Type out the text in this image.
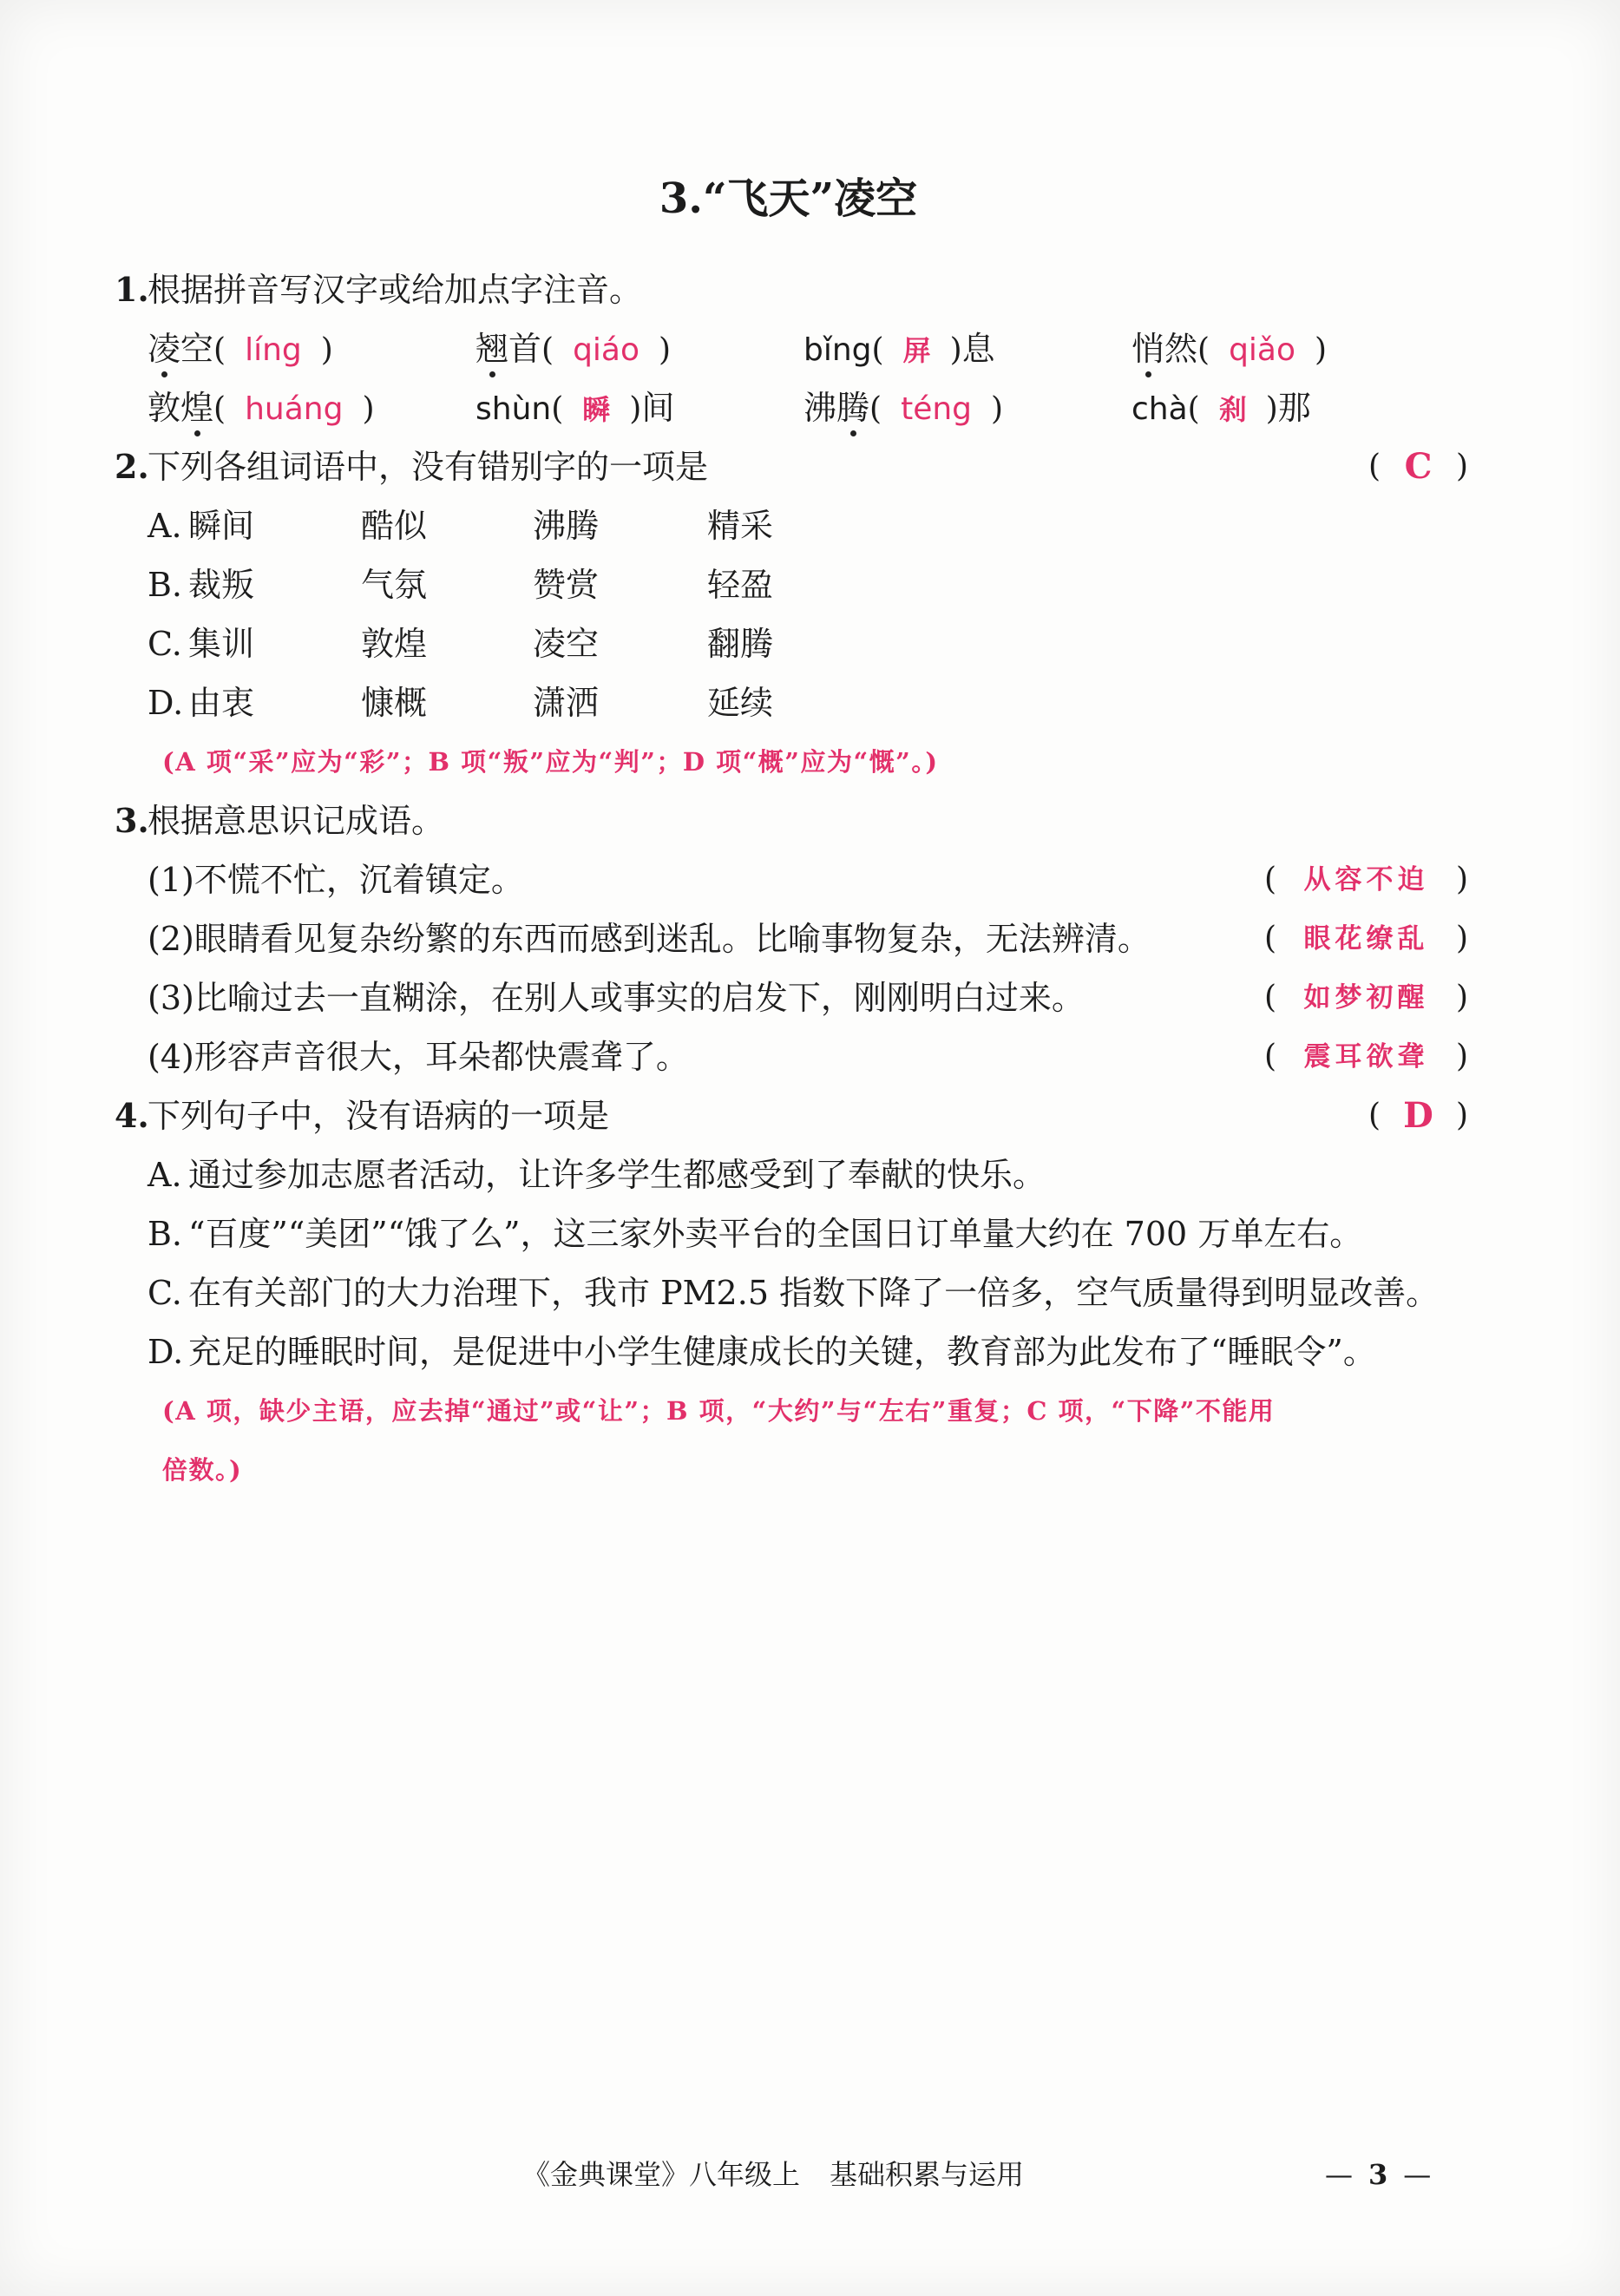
3.“飞天”凌空
1.根据拼音写汉字或给加点字注音。
凌空( líng )	翘首( qiáo )	bǐng( 屏 )息	悄然( qiǎo )
敦煌( huáng )	shùn( 瞬 )间	沸腾( téng )	chà( 刹 )那
2.下列各组词语中，没有错别字的一项是	( C )
A. 瞬间	酷似	沸腾	精采
B. 裁叛	气氛	赞赏	轻盈
C. 集训	敦煌	凌空	翻腾
D. 由衷	慷概	潇洒	延续
(A 项“采”应为“彩”；B 项“叛”应为“判”；D 项“概”应为“慨”。)
3.根据意思识记成语。
(1)不慌不忙，沉着镇定。	( 从容不迫 )
(2)眼睛看见复杂纷繁的东西而感到迷乱。比喻事物复杂，无法辨清。	( 眼花缭乱 )
(3)比喻过去一直糊涂，在别人或事实的启发下，刚刚明白过来。	( 如梦初醒 )
(4)形容声音很大，耳朵都快震聋了。	( 震耳欲聋 )
4.下列句子中，没有语病的一项是	( D )
A. 通过参加志愿者活动，让许多学生都感受到了奉献的快乐。
B. “百度”“美团”“饿了么”，这三家外卖平台的全国日订单量大约在 700 万单左右。
C. 在有关部门的大力治理下，我市 PM2.5 指数下降了一倍多，空气质量得到明显改善。
D. 充足的睡眠时间，是促进中小学生健康成长的关键，教育部为此发布了“睡眠令”。
(A 项，缺少主语，应去掉“通过”或“让”；B 项，“大约”与“左右”重复；C 项，“下降”不能用
倍数。)
《金典课堂》八年级上 基础积累与运用	— 3 —
